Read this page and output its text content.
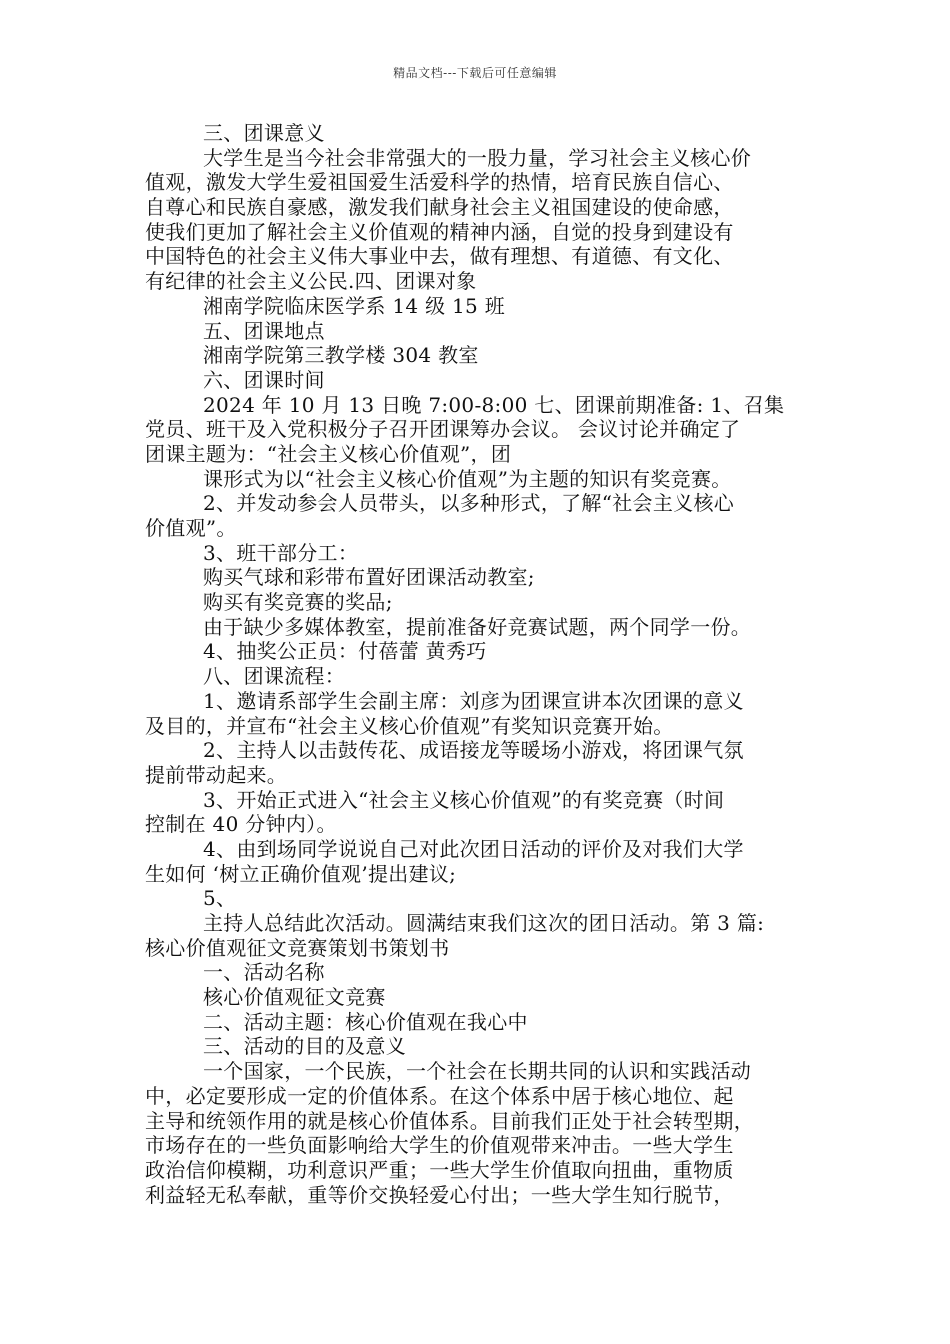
精品文档---下载后可任意编辑
三、团课意义
大学生是当今社会非常强大的一股力量，学习社会主义核心价
值观，激发大学生爱祖国爱生活爱科学的热情，培育民族自信心、
自尊心和民族自豪感，激发我们献身社会主义祖国建设的使命感，
使我们更加了解社会主义价值观的精神内涵，自觉的投身到建设有
中国特色的社会主义伟大事业中去，做有理想、有道德、有文化、
有纪律的社会主义公民.四、团课对象
湘南学院临床医学系 14 级 15 班
五、团课地点
湘南学院第三教学楼 304 教室
六、团课时间
2024 年 10 月 13 日晚 7:00-8:00 七、团课前期准备: 1、召集
党员、班干及入党积极分子召开团课筹办会议。 会议讨论并确定了
团课主题为：“社会主义核心价值观”，团
课形式为以“社会主义核心价值观”为主题的知识有奖竞赛。
2、并发动参会人员带头，以多种形式，了解“社会主义核心
价值观”。
3、班干部分工：
购买气球和彩带布置好团课活动教室;
购买有奖竞赛的奖品;
由于缺少多媒体教室，提前准备好竞赛试题，两个同学一份。
4、抽奖公正员：付蓓蕾 黄秀巧
八、团课流程：
1、邀请系部学生会副主席：刘彦为团课宣讲本次团课的意义
及目的，并宣布“社会主义核心价值观”有奖知识竞赛开始。
2、主持人以击鼓传花、成语接龙等暖场小游戏，将团课气氛
提前带动起来。
3、开始正式进入“社会主义核心价值观”的有奖竞赛（时间
控制在 40 分钟内）。
4、由到场同学说说自己对此次团日活动的评价及对我们大学
生如何 ‘树立正确价值观’提出建议;
5、
主持人总结此次活动。圆满结束我们这次的团日活动。第 3 篇:
核心价值观征文竞赛策划书策划书
一、活动名称
核心价值观征文竞赛
二、活动主题：核心价值观在我心中
三、活动的目的及意义
一个国家，一个民族，一个社会在长期共同的认识和实践活动
中，必定要形成一定的价值体系。在这个体系中居于核心地位、起
主导和统领作用的就是核心价值体系。目前我们正处于社会转型期，
市场存在的一些负面影响给大学生的价值观带来冲击。一些大学生
政治信仰模糊，功利意识严重；一些大学生价值取向扭曲，重物质
利益轻无私奉献，重等价交换轻爱心付出；一些大学生知行脱节，
